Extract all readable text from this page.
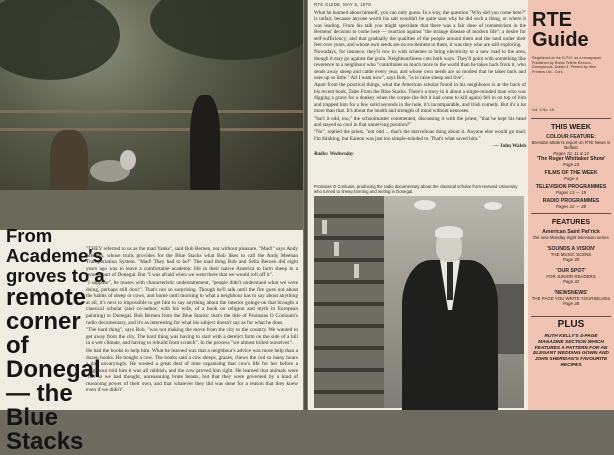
From Academe's groves to a
remote
corner
of
Donegal
— the
Blue
Stacks

"THEY referred to us as the mad Yanks", said Bob Bernen, not without pleasure. "Mad!" says Andy Meehan, whose truck provides for the Blue Stacks what Bob likes to call the Andy Meehan Transportation System. "Mad! They had to be!" The mad thing Bob and Sella Bernen did eight years ago was to leave a comfortable academic life in their native America to farm sheep in a remote part of Donegal. But "I was afraid when we went there that we would roll off it".

"I suppose", he muses with characteristic understatement, "people didn't understand what we were doing, perhaps still don't". That's not so surprising. Though he'll talk until the fire goes out about the habits of sheep or cows, and home until morning to what a neighbour has to say about anything at all, it's next to impossible to get him to say anything about the interior goings-on that brought a classical scholar (and co-author, with his wife, of a book on religion and myth in European painting) to Donegal. Bob Bernen from the Blue Stacks: that's the title of Proinsias O Conluain's radio documentary, and it's as interesting for what his subject doesn't say as for what he does.

"The hard thing", says Bob, "was not making the move from the city to the country. We wanted to get away from the city. The hard thing was having to start with a derelict farm on the side of a hill in a wet climate, and having to rebuild from scratch". In the process "we almost killed ourselves".

He had the books to help him. What he learned was that a neighbour's advice was more help than a dozen books. He bought a cow. The books said a cow sleeps, grazes, chews the cud so many hours a day unvaryingly. He wasted a great deal of time organising that cow's life for her before a neighbour told him it was all rubbish, and the cow proved him right. He learned that animals were "not so we had thought, unreasoning brute beasts, but that they were governed by a kind of reasoning power of their own, and that whatever they did was done for a reason that they knew even if we didn't".

RTE GUIDE, MAY 5, 1978

What he learned about himself, you can only guess. In a way, the question "Why did you come here?" is unfair, because anyone worth his salt wouldn't be quite sure why he did such a thing, or where it was leading. From his talk you might speculate that there was a fair dose of romanticism in the Bernens' decision to come here — reaction against "the strange disease of modern life"; a desire for self-sufficiency; and that gradually the qualities of the people around them and the land under their feet over years, and whose own seeds are no excitement to them, it was they who are still exploring.

Nowadays, for instance, they'll row in with schemes to bring electricity or a new road to the area, though it may go against the grain. Neighbourliness cuts both ways. They'll point with something like reverence to a neighbour who "contributes so much more to the world than he takes back from it, who sends away sheep and cattle every year, and whose own needs are so modest that he takes back and uses up so little." All I want now", says Bob, "is to raise sheep and live".

Apart from the practical things, what the American scholar found in his neighbours is at the back of his recent book, Tales From the Blue Stacks. There's a story in it about a single-minded man who was digging a grave for a donkey when the corpse (he felt it had come to kill again) fell in on top of him and trapped him for a few solid seconds in the hole, it's incomparable, and Irish comedy. But it's a lot more than that. It's about the health and strength of mind without neuroses.

"Isn't it odd, too," the schoolmaster commented, discussing it with the priest, "that he kept his head and stayed so cool in that unnerving position?"

"No", replied the priest, "not odd ... that's the marvellous thing about it. Anyone else would go mad, I'm thinking, but Eamon was just too simple-minded to. That's what saved him."

— John Walsh

Radio: Wednesday

Proinsias O Conluain: producing the radio documentary about the classical scholar from Harvard University who turned to sheep farming and writing in Donegal.
RTE
Guide
Registered at the G.P.O. as a newspaper. Published by Radio Telefís Éireann, Donnybrook, Dublin 4. Printed by Irish Printers Ltd., Cork.
Vol. 3 No. 18
THIS WEEK
COLOUR FEATURE:
Brendan Martin's report on RTE News in Belfast
Pages 10, 11 & 12
'The Roger Whittaker Show'
Page 24
FILMS OF THE WEEK
Page 4
TELEVISION PROGRAMMES
Pages 13 — 19
RADIO PROGRAMMES
Pages 22 — 28
FEATURES
American Saint Pat'rick
the new Monday night television series
'SOUNDS A VISION'
THE MUSIC SCENE
Page 30
'OUR SPOT'
FOR JUNIOR READERS
Page 32
'NEWSNEWS'
THE PAGE YOU WRITE YOURSELVES
Page 38
PLUS
RUTH KELLY'S 4-PAGE MAGAZINE SECTION WHICH FEATURES A PATTERN FOR AN ELEGANT WEDDING GOWN AND JOHN SHERIDAN'S FAVOURITE RECIPES
